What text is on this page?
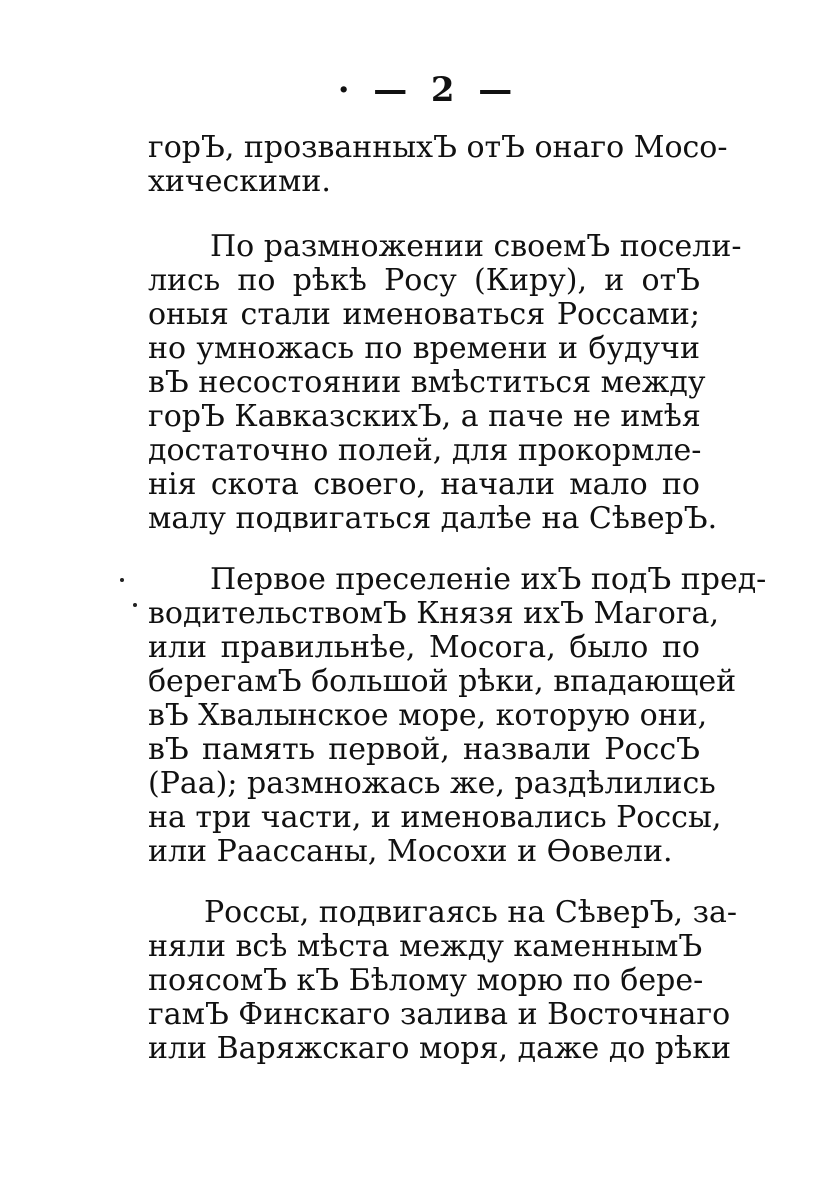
·  —  2  —
горЪ, прозванныхЪ отЪ онаго Мосо-
хическими.
По размножении своемЪ посели-
лись по рѣкѣ Росу (Киру), и отЪ
оныя стали именоваться Россами;
но умножась по времени и будучи
вЪ несостоянии вмѣститься между
горЪ КавказскихЪ, а паче не имѣя
достаточно полей, для прокормле-
нія скота своего, начали мало по
малу подвигаться далѣе на СѣверЪ.
Первое преселеніе ихЪ подЪ пред-
водительствомЪ Князя ихЪ Магога,
или правильнѣе, Мосога, было по
берегамЪ большой рѣки, впадающей
вЪ Хвалынское море, которую они,
вЪ память первой, назвали РоссЪ
(Раа); размножась же, раздѣлились
на три части, и именовались Россы,
или Раассаны, Мосохи и Ѳовели.
Россы, подвигаясь на СѣверЪ, за-
няли всѣ мѣста между каменнымЪ
поясомЪ кЪ Бѣлому морю по бере-
гамЪ Финскаго залива и Восточнаго
или Варяжскаго моря, даже до рѣки
